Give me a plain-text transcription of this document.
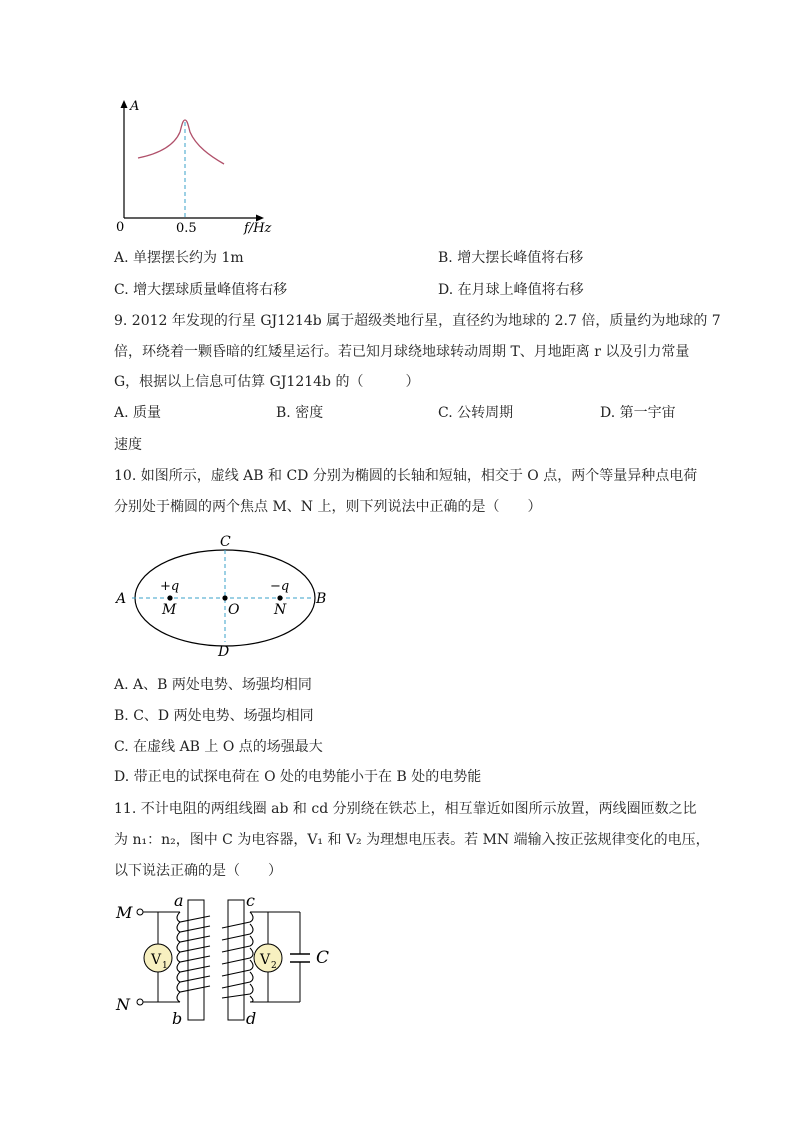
A
0	0.5	f/Hz
A. 单摆摆长约为 1m	B. 增大摆长峰值将右移
C. 增大摆球质量峰值将右移	D. 在月球上峰值将右移
9. 2012 年发现的行星 GJ1214b 属于超级类地行星，直径约为地球的 2.7 倍，质量约为地球的 7
倍，环绕着一颗昏暗的红矮星运行。若已知月球绕地球转动周期 T、月地距离 r 以及引力常量
G，根据以上信息可估算 GJ1214b 的（　　　）
A. 质量	B. 密度	C. 公转周期	D. 第一宇宙
速度
10. 如图所示，虚线 AB 和 CD 分别为椭圆的长轴和短轴，相交于 O 点，两个等量异种点电荷
分别处于椭圆的两个焦点 M、N 上，则下列说法中正确的是（　　）
C
D
A	B
+q	−q
M	O N
A. A、B 两处电势、场强均相同
B. C、D 两处电势、场强均相同
C. 在虚线 AB 上 O 点的场强最大
D. 带正电的试探电荷在 O 处的电势能小于在 B 处的电势能
11. 不计电阻的两组线圈 ab 和 cd 分别绕在铁芯上，相互靠近如图所示放置，两线圈匝数之比
为 n₁：n₂，图中 C 为电容器，V₁ 和 V₂ 为理想电压表。若 MN 端输入按正弦规律变化的电压，
以下说法正确的是（　　）
M
N
V 1
a
b
c
d
V 2 C
